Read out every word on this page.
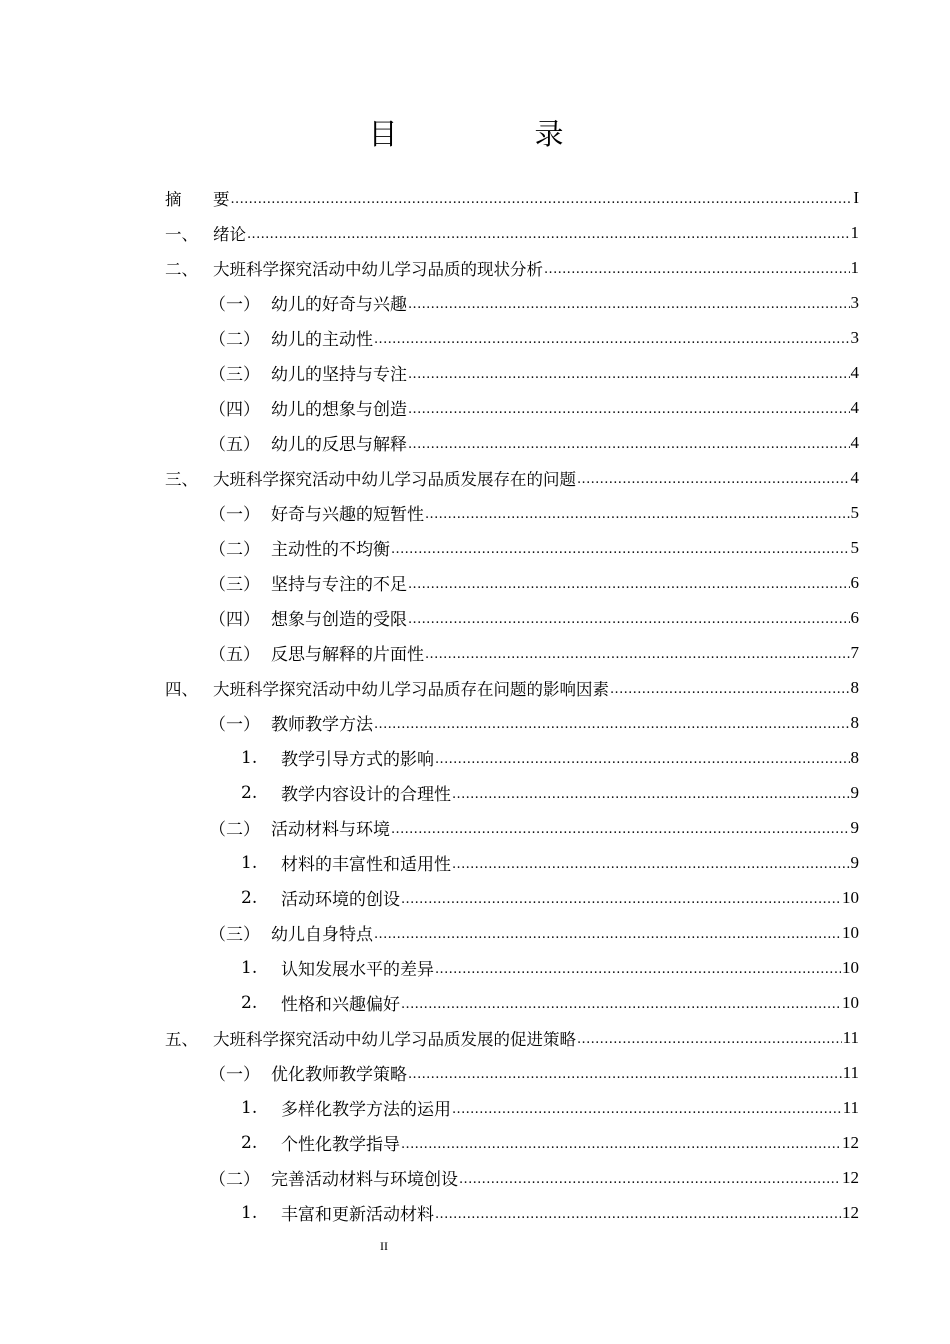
目　录
摘	要 .....	I
一、 绪论 .....	1
二、 大班科学探究活动中幼儿学习品质的现状分析 .....	1
（一） 幼儿的好奇与兴趣 .....	3
（二） 幼儿的主动性 .....	3
（三） 幼儿的坚持与专注 .....	4
（四） 幼儿的想象与创造 .....	4
（五） 幼儿的反思与解释 .....	4
三、 大班科学探究活动中幼儿学习品质发展存在的问题 .....	4
（一） 好奇与兴趣的短暂性 .....	5
（二） 主动性的不均衡 .....	5
（三） 坚持与专注的不足 .....	6
（四） 想象与创造的受限 .....	6
（五） 反思与解释的片面性 .....	7
四、 大班科学探究活动中幼儿学习品质存在问题的影响因素 .....	8
（一） 教师教学方法 .....	8
1.	教学引导方式的影响 .....	8
2.	教学内容设计的合理性 .....	9
（二） 活动材料与环境 .....	9
1.	材料的丰富性和适用性 .....	9
2.	活动环境的创设 .....	10
（三） 幼儿自身特点 .....	10
1.	认知发展水平的差异 .....	10
2.	性格和兴趣偏好 .....	10
五、 大班科学探究活动中幼儿学习品质发展的促进策略 .....	11
（一） 优化教师教学策略 .....	11
1.	多样化教学方法的运用 .....	11
2.	个性化教学指导 .....	12
（二） 完善活动材料与环境创设 .....	12
1.	丰富和更新活动材料 .....	12
II
